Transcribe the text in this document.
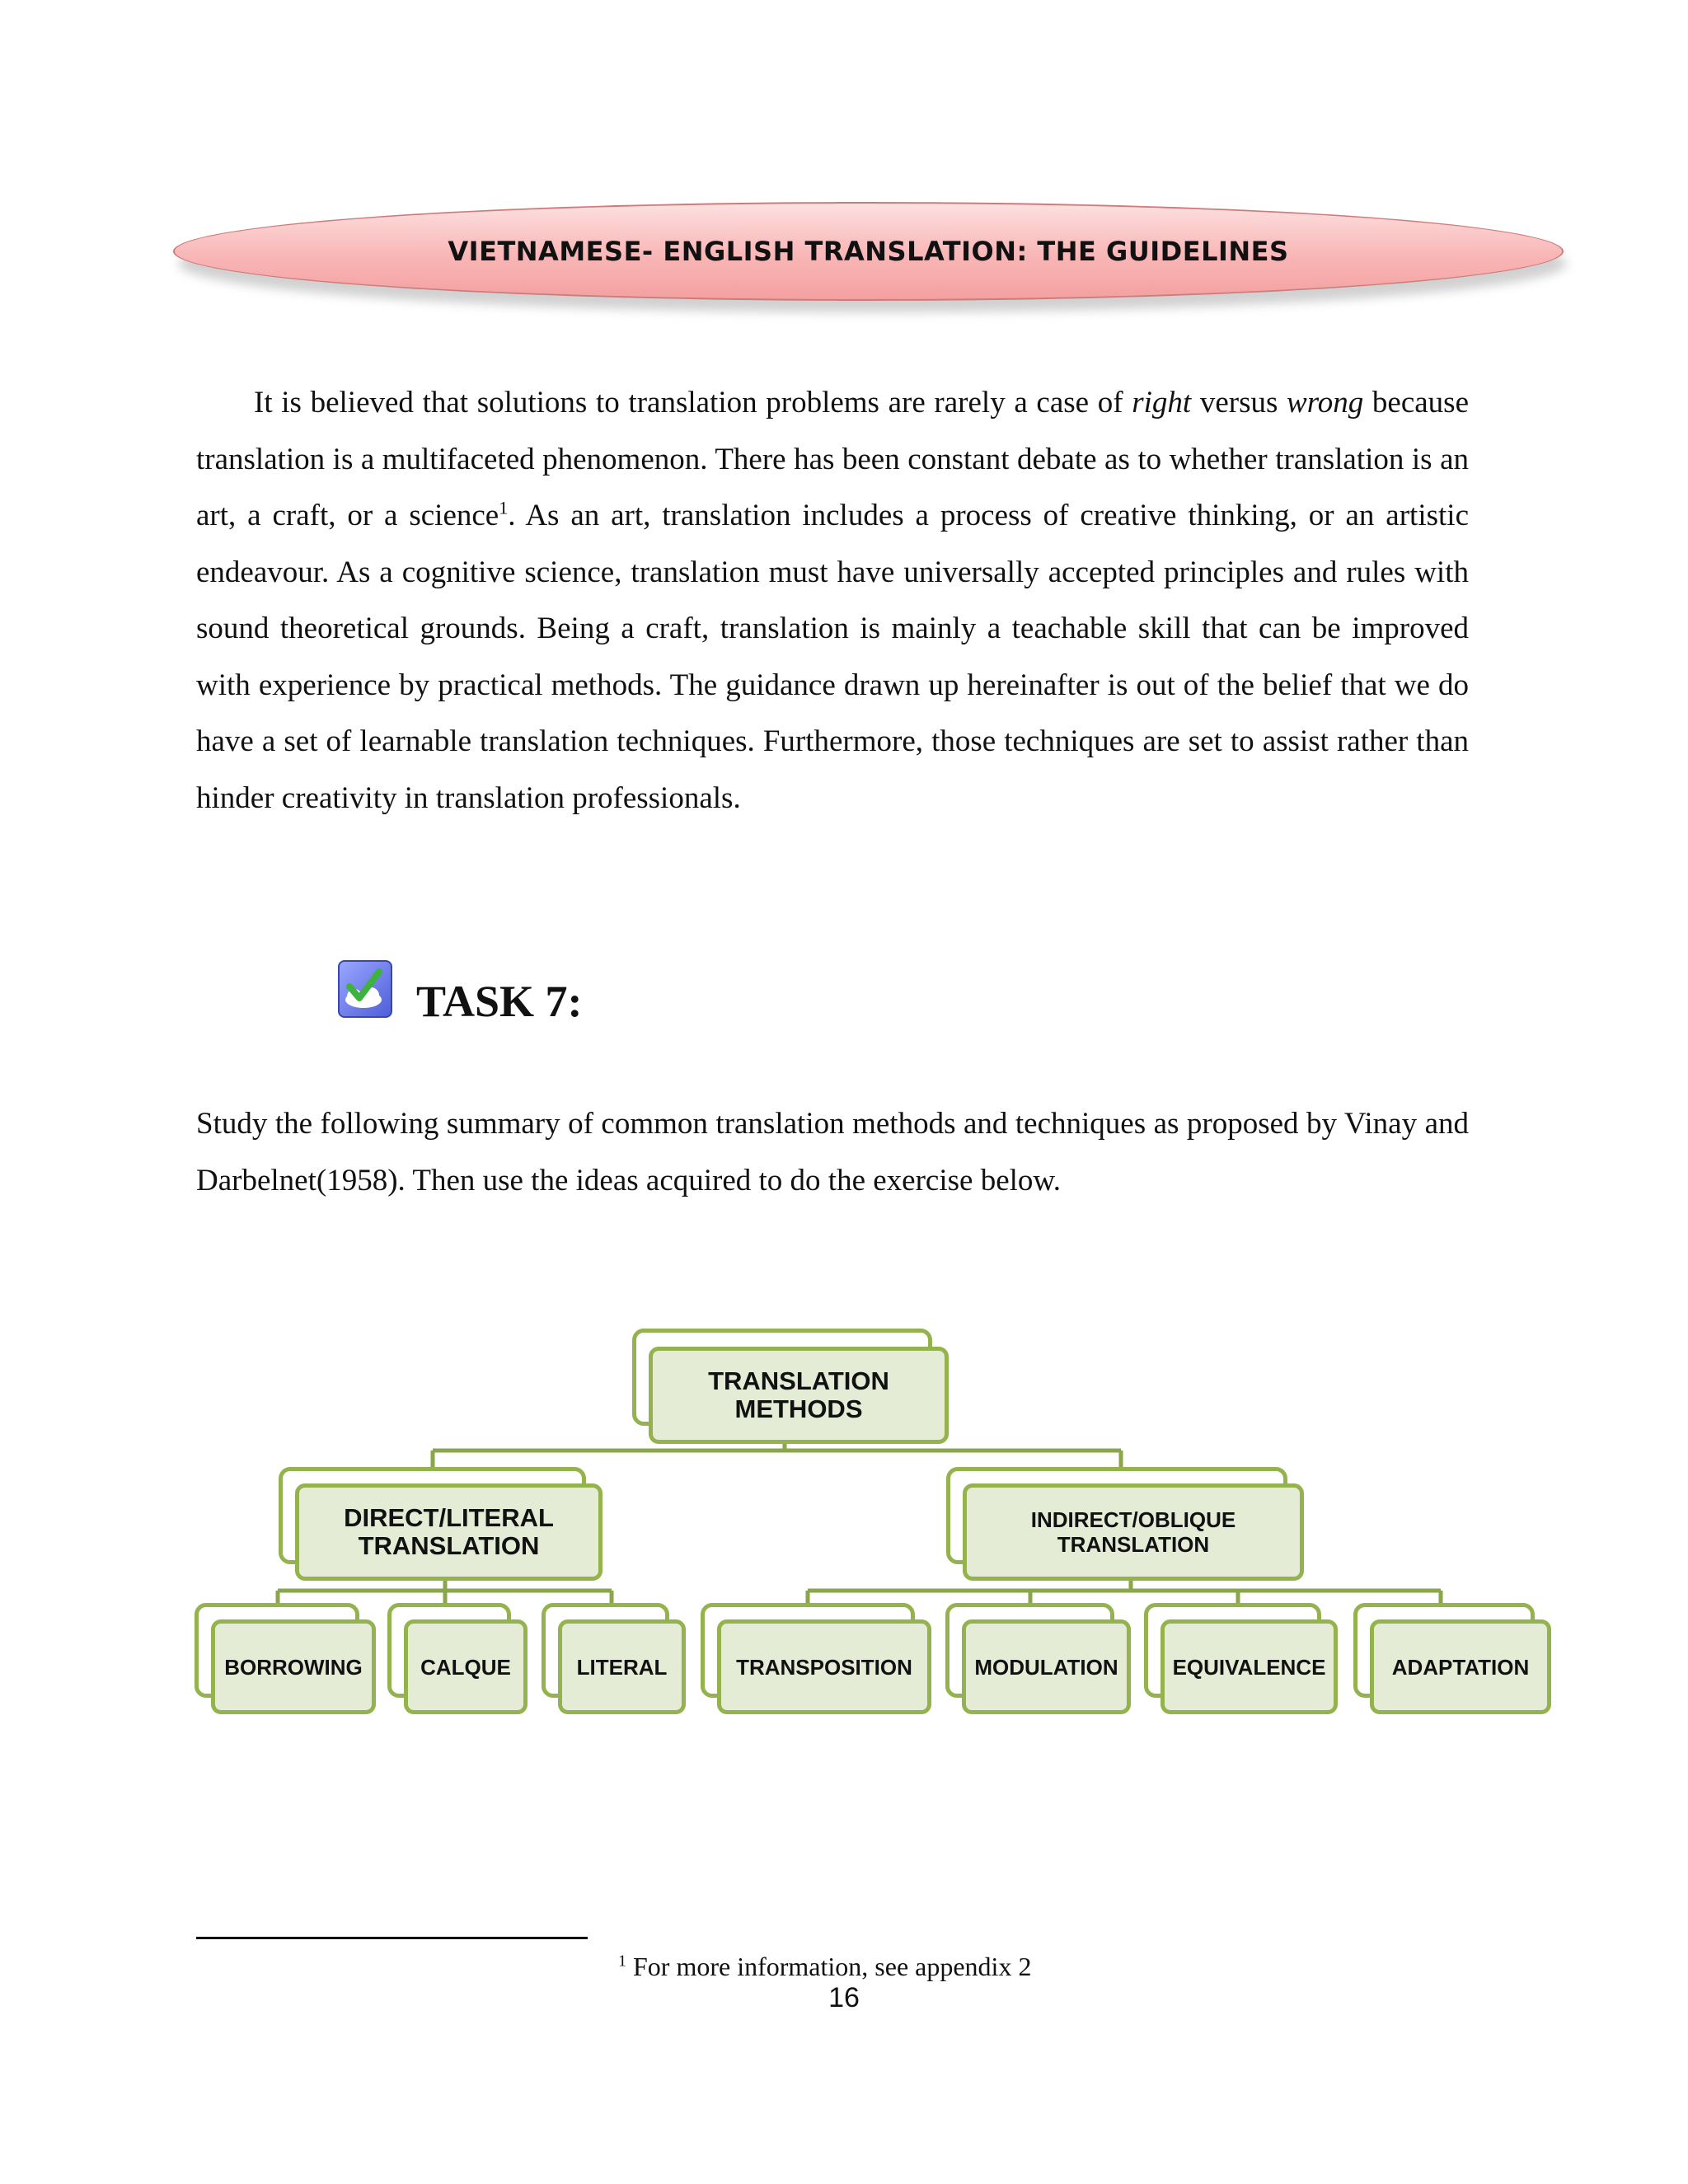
VIETNAMESE- ENGLISH TRANSLATION: THE GUIDELINES

It is believed that solutions to translation problems are rarely a case of right versus wrong because translation is a multifaceted phenomenon. There has been constant debate as to whether translation is an art, a craft, or a science$^1$. As an art, translation includes a process of creative thinking, or an artistic endeavour. As a cognitive science, translation must have universally accepted principles and rules with sound theoretical grounds. Being a craft, translation is mainly a teachable skill that can be improved with experience by practical methods. The guidance drawn up hereinafter is out of the belief that we do have a set of learnable translation techniques. Furthermore, those techniques are set to assist rather than hinder creativity in translation professionals.

TASK 7:

Study the following summary of common translation methods and techniques as proposed by Vinay and Darbelnet(1958). Then use the ideas acquired to do the exercise below.

TRANSLATION METHODS
DIRECT/LITERAL TRANSLATION
INDIRECT/OBLIQUE TRANSLATION
BORROWING	CALQUE	LITERAL	TRANSPOSITION	MODULATION	EQUIVALENCE	ADAPTATION

$^1$ For more information, see appendix 2

16
